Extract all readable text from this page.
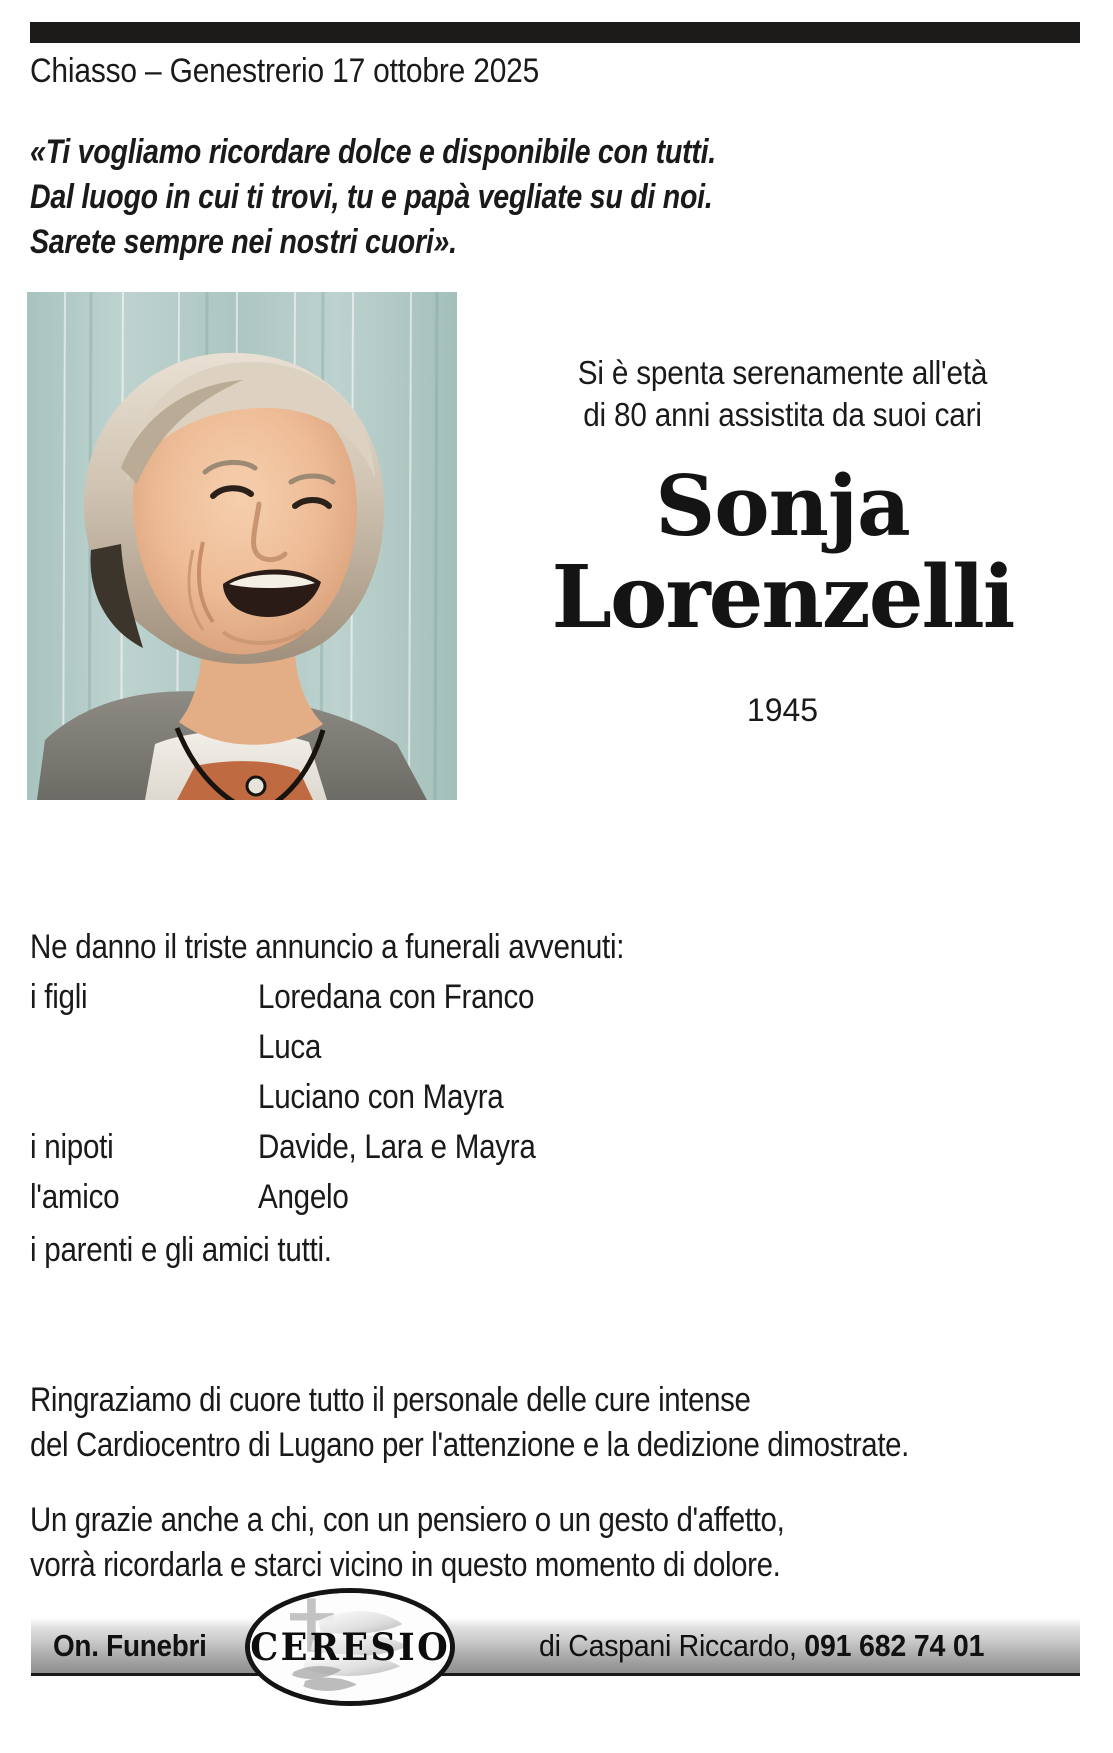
Chiasso – Genestrerio 17 ottobre 2025
«Ti vogliamo ricordare dolce e disponibile con tutti.
Dal luogo in cui ti trovi, tu e papà vegliate su di noi.
Sarete sempre nei nostri cuori».
Si è spenta serenamente all'età
di 80 anni assistita da suoi cari
Sonja
Lorenzelli
1945
Ne danno il triste annuncio a funerali avvenuti:
i figli	Loredana con Franco
Luca
Luciano con Mayra
i nipoti	Davide, Lara e Mayra
l'amico	Angelo
i parenti e gli amici tutti.

Ringraziamo di cuore tutto il personale delle cure intense
del Cardiocentro di Lugano per l'attenzione e la dedizione dimostrate.

Un grazie anche a chi, con un pensiero o un gesto d'affetto,
vorrà ricordarla e starci vicino in questo momento di dolore.

On. Funebri	di Caspani Riccardo, 091 682 74 01
CERESIO
